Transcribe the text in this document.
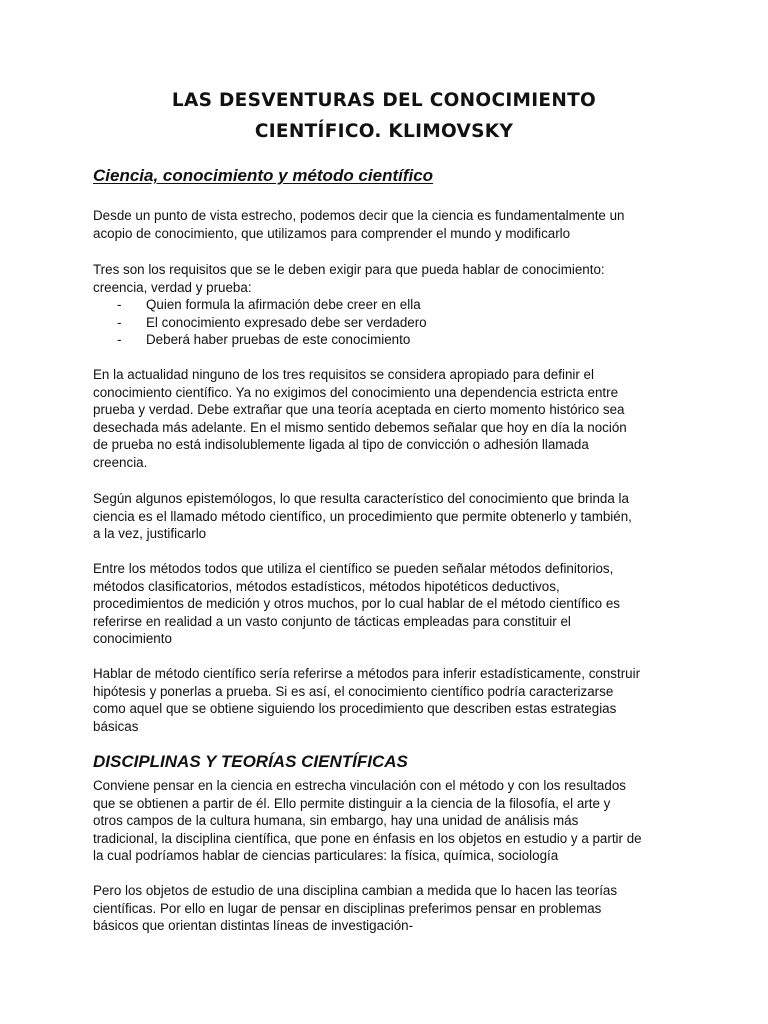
LAS DESVENTURAS DEL CONOCIMIENTO
CIENTÍFICO. KLIMOVSKY
Ciencia, conocimiento y método científico

Desde un punto de vista estrecho, podemos decir que la ciencia es fundamentalmente un
acopio de conocimiento, que utilizamos para comprender el mundo y modificarlo

Tres son los requisitos que se le deben exigir para que pueda hablar de conocimiento:
creencia, verdad y prueba:

- Quien formula la afirmación debe creer en ella
- El conocimiento expresado debe ser verdadero
- Deberá haber pruebas de este conocimiento

En la actualidad ninguno de los tres requisitos se considera apropiado para definir el
conocimiento científico. Ya no exigimos del conocimiento una dependencia estricta entre
prueba y verdad. Debe extrañar que una teoría aceptada en cierto momento histórico sea
desechada más adelante. En el mismo sentido debemos señalar que hoy en día la noción
de prueba no está indisolublemente ligada al tipo de convicción o adhesión llamada
creencia.

Según algunos epistemólogos, lo que resulta característico del conocimiento que brinda la
ciencia es el llamado método científico, un procedimiento que permite obtenerlo y también,
a la vez, justificarlo

Entre los métodos todos que utiliza el científico se pueden señalar métodos definitorios,
métodos clasificatorios, métodos estadísticos, métodos hipotéticos deductivos,
procedimientos de medición y otros muchos, por lo cual hablar de el método científico es
referirse en realidad a un vasto conjunto de tácticas empleadas para constituir el
conocimiento

Hablar de método científico sería referirse a métodos para inferir estadísticamente, construir
hipótesis y ponerlas a prueba. Si es así, el conocimiento científico podría caracterizarse
como aquel que se obtiene siguiendo los procedimiento que describen estas estrategias
básicas

DISCIPLINAS Y TEORÍAS CIENTÍFICAS

Conviene pensar en la ciencia en estrecha vinculación con el método y con los resultados
que se obtienen a partir de él. Ello permite distinguir a la ciencia de la filosofía, el arte y
otros campos de la cultura humana, sin embargo, hay una unidad de análisis más
tradicional, la disciplina científica, que pone en énfasis en los objetos en estudio y a partir de
la cual podríamos hablar de ciencias particulares: la física, química, sociología

Pero los objetos de estudio de una disciplina cambian a medida que lo hacen las teorías
científicas. Por ello en lugar de pensar en disciplinas preferimos pensar en problemas
básicos que orientan distintas líneas de investigación-
